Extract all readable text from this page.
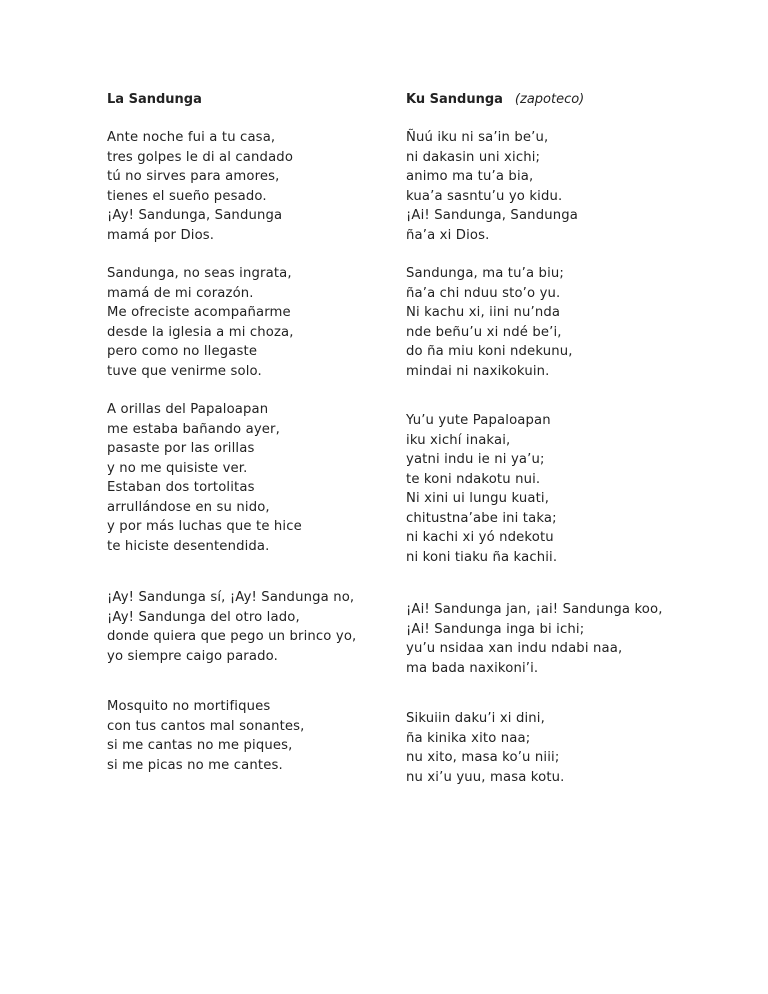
La Sandunga
Ante noche fui a tu casa,
tres golpes le di al candado
tú no sirves para amores,
tienes el sueño pesado.
¡Ay! Sandunga, Sandunga
mamá por Dios.
Sandunga, no seas ingrata,
mamá de mi corazón.
Me ofreciste acompañarme
desde la iglesia a mi choza,
pero como no llegaste
tuve que venirme solo.
A orillas del Papaloapan
me estaba bañando ayer,
pasaste por las orillas
y no me quisiste ver.
Estaban dos tortolitas
arrullándose en su nido,
y por más luchas que te hice
te hiciste desentendida.
¡Ay! Sandunga sí, ¡Ay! Sandunga no,
¡Ay! Sandunga del otro lado,
donde quiera que pego un brinco yo,
yo siempre caigo parado.
Mosquito no mortifiques
con tus cantos mal sonantes,
si me cantas no me piques,
si me picas no me cantes.
Ku Sandunga (zapoteco)
Ñuú iku ni sa’in be’u,
ni dakasin uni xichi;
animo ma tu’a bia,
kua’a sasntu’u yo kidu.
¡Ai! Sandunga, Sandunga
ña’a xi Dios.
Sandunga, ma tu’a biu;
ña’a chi nduu sto’o yu.
Ni kachu xi, iini nu’nda
nde beñu’u xi ndé be’i,
do ña miu koni ndekunu,
mindai ni naxikokuin.
Yu’u yute Papaloapan
iku xichí inakai,
yatni indu ie ni ya’u;
te koni ndakotu nui.
Ni xini ui lungu kuati,
chitustna’abe ini taka;
ni kachi xi yó ndekotu
ni koni tiaku ña kachii.
¡Ai! Sandunga jan, ¡ai! Sandunga koo,
¡Ai! Sandunga inga bi ichi;
yu’u nsidaa xan indu ndabi naa,
ma bada naxikoni’i.
Sikuiin daku’i xi dini,
ña kinika xito naa;
nu xito, masa ko’u niii;
nu xi’u yuu, masa kotu.
